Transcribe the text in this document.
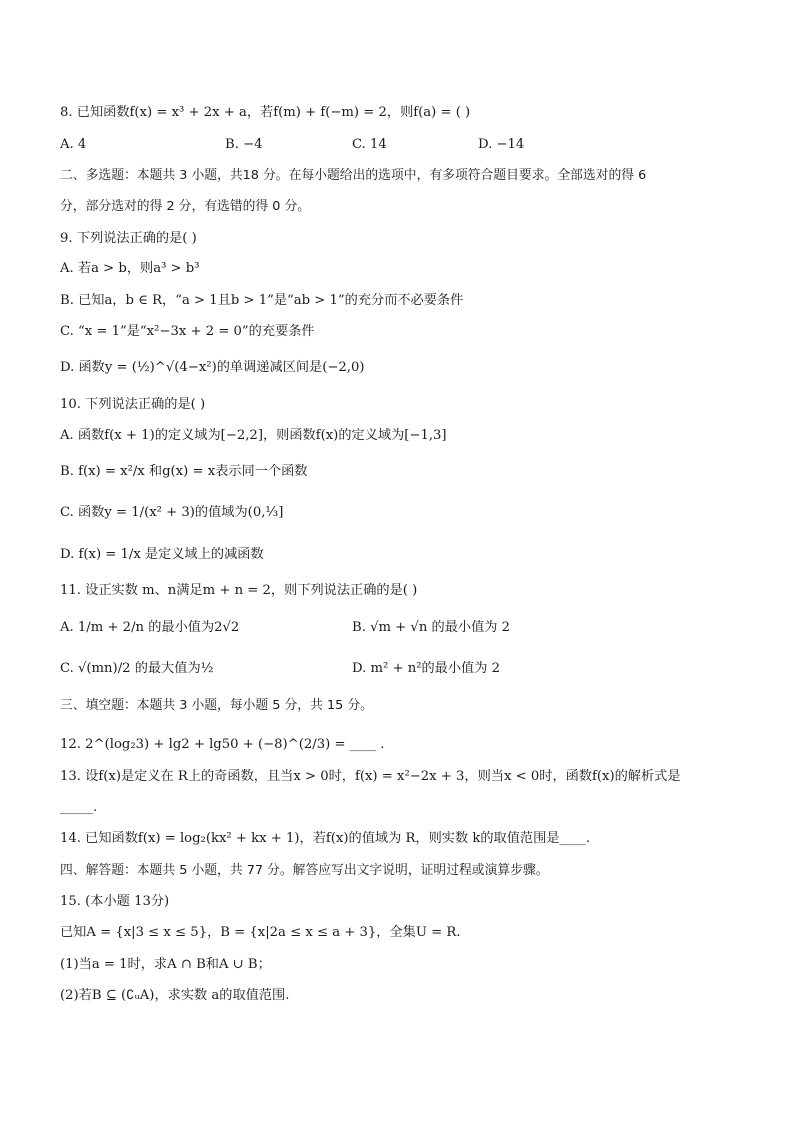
8. 已知函数f(x) = x³ + 2x + a，若f(m) + f(−m) = 2，则f(a) = ( )
A. 4	B. −4	C. 14	D. −14
二、多选题：本题共 3 小题，共18 分。在每小题给出的选项中，有多项符合题目要求。全部选对的得 6
分，部分选对的得 2 分，有选错的得 0 分。
9. 下列说法正确的是( )
A. 若a > b，则a³ > b³
B. 已知a，b ∈ R，“a > 1且b > 1”是“ab > 1”的充分而不必要条件
C. “x = 1”是“x²−3x + 2 = 0”的充要条件
D. 函数y = (½)^√(4−x²)的单调递减区间是(−2,0)
10. 下列说法正确的是( )
A. 函数f(x + 1)的定义域为[−2,2]，则函数f(x)的定义域为[−1,3]
B. f(x) = x²/x 和g(x) = x表示同一个函数
C. 函数y = 1/(x² + 3)的值域为(0,⅓]
D. f(x) = 1/x 是定义域上的减函数
11. 设正实数 m、n满足m + n = 2，则下列说法正确的是( )
A. 1/m + 2/n 的最小值为2√2	B. √m + √n 的最小值为 2
C. √(mn)/2 的最大值为½	D. m² + n²的最小值为 2
三、填空题：本题共 3 小题，每小题 5 分，共 15 分。
12. 2^(log₂3) + lg2 + lg50 + (−8)^(2/3) = ____ .
13. 设f(x)是定义在 R上的奇函数，且当x > 0时，f(x) = x²−2x + 3，则当x < 0时，函数f(x)的解析式是
_____.
14. 已知函数f(x) = log₂(kx² + kx + 1)，若f(x)的值域为 R，则实数 k的取值范围是____.
四、解答题：本题共 5 小题，共 77 分。解答应写出文字说明，证明过程或演算步骤。
15. (本小题 13分)
已知A = {x|3 ≤ x ≤ 5}，B = {x|2a ≤ x ≤ a + 3}，全集U = R.
(1)当a = 1时，求A ∩ B和A ∪ B；
(2)若B ⊆ (∁ᵤA)，求实数 a的取值范围.
